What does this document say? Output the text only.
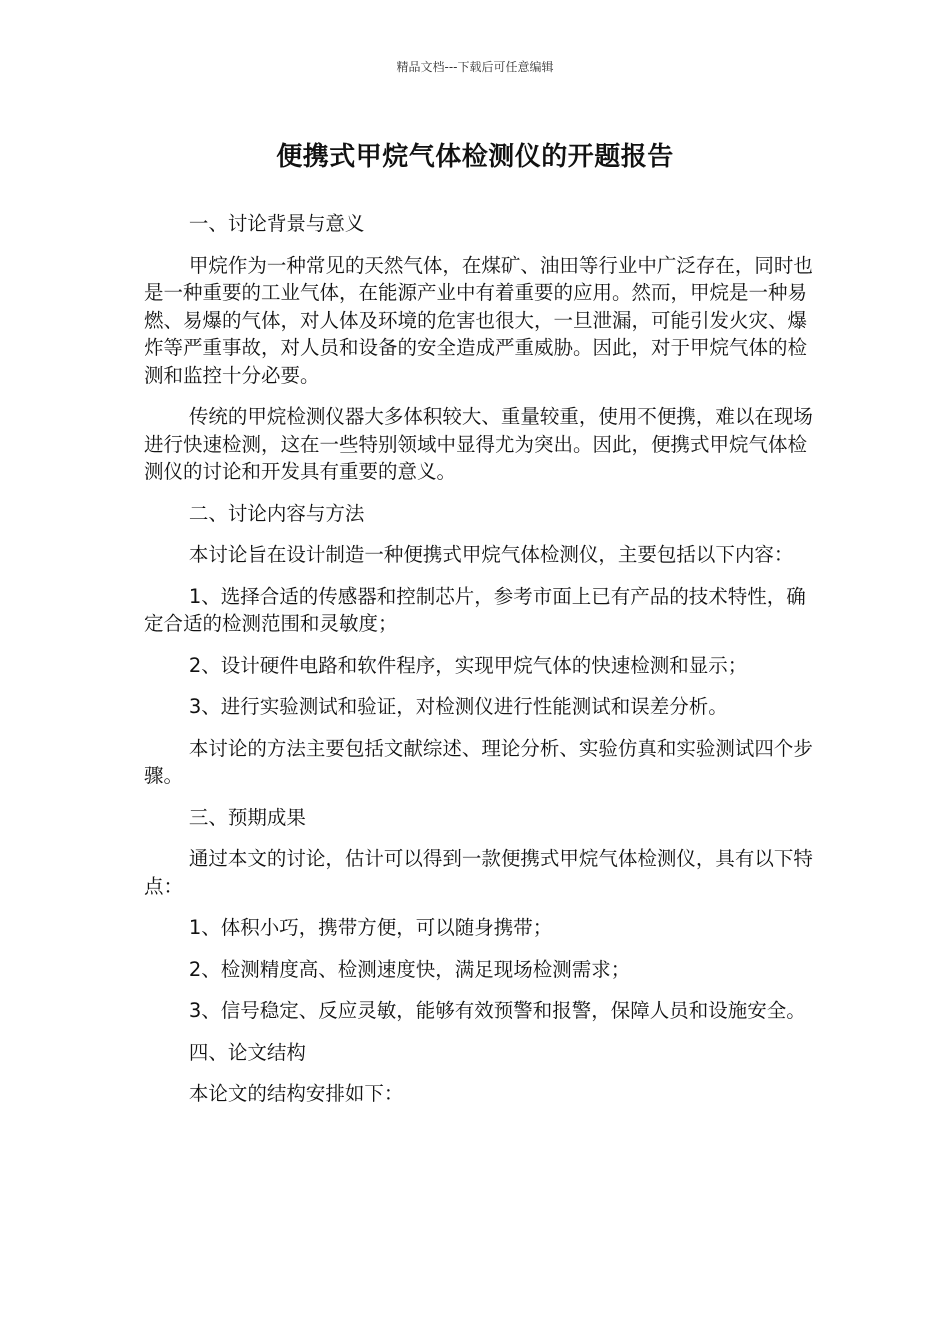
精品文档---下载后可任意编辑
便携式甲烷气体检测仪的开题报告

一、讨论背景与意义

甲烷作为一种常见的天然气体，在煤矿、油田等行业中广泛存在，同时也是一种重要的工业气体，在能源产业中有着重要的应用。然而，甲烷是一种易燃、易爆的气体，对人体及环境的危害也很大，一旦泄漏，可能引发火灾、爆炸等严重事故，对人员和设备的安全造成严重威胁。因此，对于甲烷气体的检测和监控十分必要。

传统的甲烷检测仪器大多体积较大、重量较重，使用不便携，难以在现场进行快速检测，这在一些特别领域中显得尤为突出。因此，便携式甲烷气体检测仪的讨论和开发具有重要的意义。

二、讨论内容与方法

本讨论旨在设计制造一种便携式甲烷气体检测仪，主要包括以下内容：

1、选择合适的传感器和控制芯片，参考市面上已有产品的技术特性，确定合适的检测范围和灵敏度；

2、设计硬件电路和软件程序，实现甲烷气体的快速检测和显示；

3、进行实验测试和验证，对检测仪进行性能测试和误差分析。

本讨论的方法主要包括文献综述、理论分析、实验仿真和实验测试四个步骤。

三、预期成果

通过本文的讨论，估计可以得到一款便携式甲烷气体检测仪，具有以下特点：

1、体积小巧，携带方便，可以随身携带；

2、检测精度高、检测速度快，满足现场检测需求；

3、信号稳定、反应灵敏，能够有效预警和报警，保障人员和设施安全。

四、论文结构

本论文的结构安排如下：
